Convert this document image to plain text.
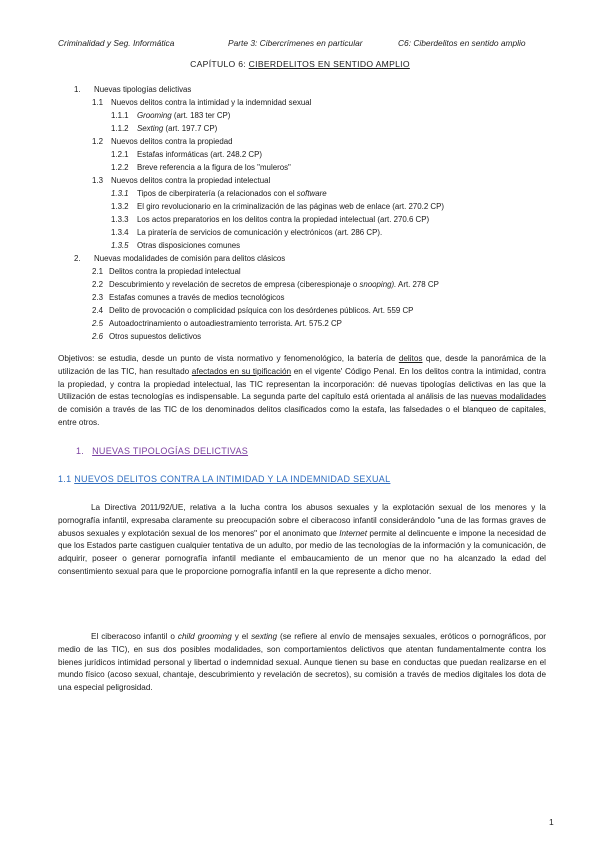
Criminalidad y Seg. Informática	Parte 3: Cibercrímenes en particular	C6: Ciberdelitos en sentido amplio
CAPÍTULO 6: CIBERDELITOS EN SENTIDO AMPLIO
1. Nuevas tipologías delictivas
1.1 Nuevos delitos contra la intimidad y la indemnidad sexual
1.1.1 Grooming (art. 183 ter CP)
1.1.2 Sexting (art. 197.7 CP)
1.2 Nuevos delitos contra la propiedad
1.2.1 Estafas informáticas (art. 248.2 CP)
1.2.2 Breve referencia a la figura de los "muleros"
1.3 Nuevos delitos contra la propiedad intelectual
1.3.1 Tipos de ciberpiratería (a relacionados con el software
1.3.2 El giro revolucionario en la criminalización de las páginas web de enlace (art. 270.2 CP)
1.3.3 Los actos preparatorios en los delitos contra la propiedad intelectual (art. 270.6 CP)
1.3.4 La piratería de servicios de comunicación y electrónicos (art. 286 CP).
1.3.5 Otras disposiciones comunes
2. Nuevas modalidades de comisión para delitos clásicos
2.1 Delitos contra la propiedad intelectual
2.2 Descubrimiento y revelación de secretos de empresa (ciberespionaje o snooping). Art. 278 CP
2.3 Estafas comunes a través de medios tecnológicos
2.4 Delito de provocación o complicidad psíquica con los desórdenes públicos. Art. 559 CP
2.5 Autoadoctrinamiento o autoadiestramiento terrorista. Art. 575.2 CP
2.6 Otros supuestos delictivos
Objetivos: se estudia, desde un punto de vista normativo y fenomenológico, la batería de delitos que, desde la panorámica de la utilización de las TIC, han resultado afectados en su tipificación en el vigente' Código Penal. En los delitos contra la intimidad, contra la propiedad, y contra la propiedad intelectual, las TIC representan la incorporación: dé nuevas tipologías delictivas en las que la Utilización de estas tecnologías es indispensable. La segunda parte del capítulo está orientada al análisis de las nuevas modalidades de comisión a través de las TIC de los denominados delitos clasificados como la estafa, las falsedades o el blanqueo de capitales, entre otros.
1. NUEVAS TIPOLOGÍAS DELICTIVAS
1.1 NUEVOS DELITOS CONTRA LA INTIMIDAD Y LA INDEMNIDAD SEXUAL
La Directiva 2011/92/UE, relativa a la lucha contra los abusos sexuales y la explotación sexual de los menores y la pornografía infantil, expresaba claramente su preocupación sobre el ciberacoso infantil considerándolo "una de las formas graves de abusos sexuales y explotación sexual de los menores" por el anonimato que Internet permite al delincuente e impone la necesidad de que los Estados parte castiguen cualquier tentativa de un adulto, por medio de las tecnologías de la información y la comunicación, de adquirir, poseer o generar pornografía infantil mediante el embaucamiento de un menor que no ha alcanzado la edad del consentimiento sexual para que le proporcione pornografía infantil en la que represente a dicho menor.
El ciberacoso infantil o child grooming y el sexting (se refiere al envío de mensajes sexuales, eróticos o pornográficos, por medio de las TIC), en sus dos posibles modalidades, son comportamientos delictivos que atentan fundamentalmente contra los bienes jurídicos intimidad personal y libertad o indemnidad sexual. Aunque tienen su base en conductas que puedan realizarse en el mundo físico (acoso sexual, chantaje, descubrimiento y revelación de secretos), su comisión a través de medios digitales los dota de una especial peligrosidad.
1
